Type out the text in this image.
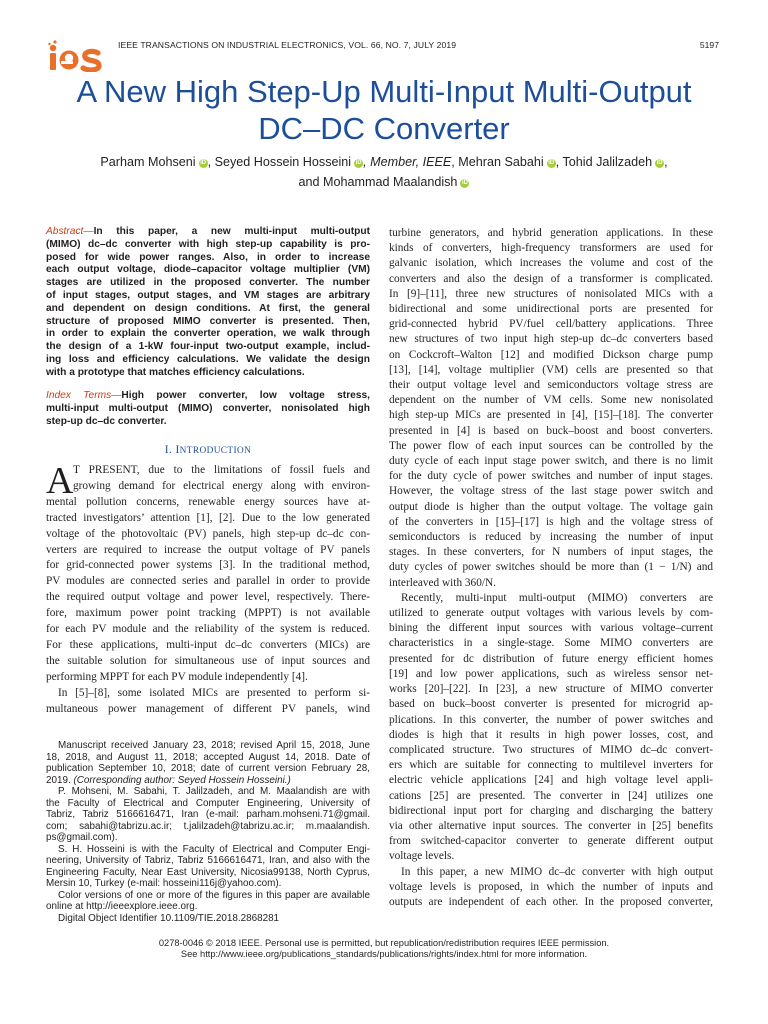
IEEE TRANSACTIONS ON INDUSTRIAL ELECTRONICS, VOL. 66, NO. 7, JULY 2019	5197
A New High Step-Up Multi-Input Multi-Output
DC–DC Converter
Parham Mohseni iD , Seyed Hossein Hosseini iD , Member, IEEE, Mehran Sabahi iD , Tohid Jalilzadeh iD ,
and Mohammad Maalandish iD
Abstract—In this paper, a new multi-input multi-output
(MIMO) dc–dc converter with high step-up capability is pro-
posed for wide power ranges. Also, in order to increase
each output voltage, diode–capacitor voltage multiplier (VM)
stages are utilized in the proposed converter. The number
of input stages, output stages, and VM stages are arbitrary
and dependent on design conditions. At first, the general
structure of proposed MIMO converter is presented. Then,
in order to explain the converter operation, we walk through
the design of a 1-kW four-input two-output example, includ-
ing loss and efficiency calculations. We validate the design
with a prototype that matches efficiency calculations.
Index Terms—High power converter, low voltage stress,
multi-input multi-output (MIMO) converter, nonisolated high
step-up dc–dc converter.
I. INTRODUCTION
A T PRESENT, due to the limitations of fossil fuels and
growing demand for electrical energy along with environ-
mental pollution concerns, renewable energy sources have at-
tracted investigators’ attention [1], [2]. Due to the low generated
voltage of the photovoltaic (PV) panels, high step-up dc–dc con-
verters are required to increase the output voltage of PV panels
for grid-connected power systems [3]. In the traditional method,
PV modules are connected series and parallel in order to provide
the required output voltage and power level, respectively. There-
fore, maximum power point tracking (MPPT) is not available
for each PV module and the reliability of the system is reduced.
For these applications, multi-input dc–dc converters (MICs) are
the suitable solution for simultaneous use of input sources and
performing MPPT for each PV module independently [4].
In [5]–[8], some isolated MICs are presented to perform si-
multaneous power management of different PV panels, wind
Manuscript received January 23, 2018; revised April 15, 2018, June
18, 2018, and August 11, 2018; accepted August 14, 2018. Date of
publication September 10, 2018; date of current version February 28,
2019. (Corresponding author: Seyed Hossein Hosseini.)
P. Mohseni, M. Sabahi, T. Jalilzadeh, and M. Maalandish are with
the Faculty of Electrical and Computer Engineering, University of
Tabriz, Tabriz 5166616471, Iran (e-mail: parham.mohseni.71@gmail.
com; sabahi@tabrizu.ac.ir; t.jalilzadeh@tabrizu.ac.ir; m.maalandish.
ps@gmail.com).
S. H. Hosseini is with the Faculty of Electrical and Computer Engi-
neering, University of Tabriz, Tabriz 5166616471, Iran, and also with the
Engineering Faculty, Near East University, Nicosia99138, North Cyprus,
Mersin 10, Turkey (e-mail: hosseini116j@yahoo.com).
Color versions of one or more of the figures in this paper are available
online at http://ieeexplore.ieee.org.
Digital Object Identifier 10.1109/TIE.2018.2868281
turbine generators, and hybrid generation applications. In these
kinds of converters, high-frequency transformers are used for
galvanic isolation, which increases the volume and cost of the
converters and also the design of a transformer is complicated.
In [9]–[11], three new structures of nonisolated MICs with a
bidirectional and some unidirectional ports are presented for
grid-connected hybrid PV/fuel cell/battery applications. Three
new structures of two input high step-up dc–dc converters based
on Cockcroft–Walton [12] and modified Dickson charge pump
[13], [14], voltage multiplier (VM) cells are presented so that
their output voltage level and semiconductors voltage stress are
dependent on the number of VM cells. Some new nonisolated
high step-up MICs are presented in [4], [15]–[18]. The converter
presented in [4] is based on buck–boost and boost converters.
The power flow of each input sources can be controlled by the
duty cycle of each input stage power switch, and there is no limit
for the duty cycle of power switches and number of input stages.
However, the voltage stress of the last stage power switch and
output diode is higher than the output voltage. The voltage gain
of the converters in [15]–[17] is high and the voltage stress of
semiconductors is reduced by increasing the number of input
stages. In these converters, for N numbers of input stages, the
duty cycles of power switches should be more than (1 − 1/N) and
interleaved with 360/N.
Recently, multi-input multi-output (MIMO) converters are
utilized to generate output voltages with various levels by com-
bining the different input sources with various voltage–current
characteristics in a single-stage. Some MIMO converters are
presented for dc distribution of future energy efficient homes
[19] and low power applications, such as wireless sensor net-
works [20]–[22]. In [23], a new structure of MIMO converter
based on buck–boost converter is presented for microgrid ap-
plications. In this converter, the number of power switches and
diodes is high that it results in high power losses, cost, and
complicated structure. Two structures of MIMO dc–dc convert-
ers which are suitable for connecting to multilevel inverters for
electric vehicle applications [24] and high voltage level appli-
cations [25] are presented. The converter in [24] utilizes one
bidirectional input port for charging and discharging the battery
via other alternative input sources. The converter in [25] benefits
from switched-capacitor converter to generate different output
voltage levels.
In this paper, a new MIMO dc–dc converter with high output
voltage levels is proposed, in which the number of inputs and
outputs are independent of each other. In the proposed converter,
0278-0046 © 2018 IEEE. Personal use is permitted, but republication/redistribution requires IEEE permission.
See http://www.ieee.org/publications_standards/publications/rights/index.html for more information.
